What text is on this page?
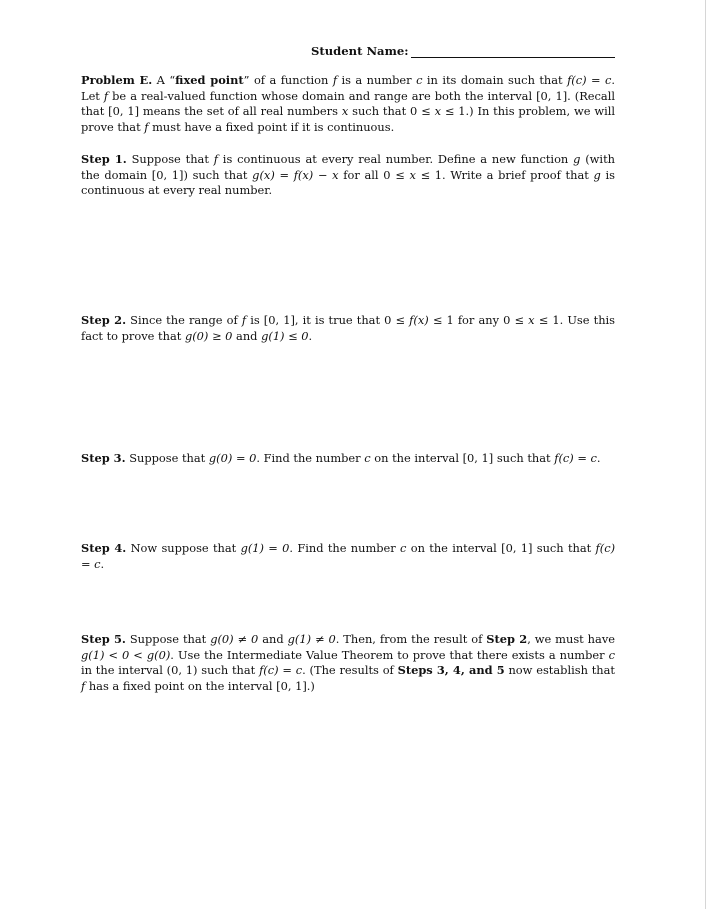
Student Name:

Problem E. A “fixed point” of a function f is a number c in its domain such that f(c) = c. Let f be a real-valued function whose domain and range are both the interval [0, 1]. (Recall that [0, 1] means the set of all real numbers x such that 0 ≤ x ≤ 1.) In this problem, we will prove that f must have a fixed point if it is continuous.

Step 1. Suppose that f is continuous at every real number. Define a new function g (with the domain [0, 1]) such that g(x) = f(x) − x for all 0 ≤ x ≤ 1. Write a brief proof that g is continuous at every real number.

Step 2. Since the range of f is [0, 1], it is true that 0 ≤ f(x) ≤ 1 for any 0 ≤ x ≤ 1. Use this fact to prove that g(0) ≥ 0 and g(1) ≤ 0.

Step 3. Suppose that g(0) = 0. Find the number c on the interval [0, 1] such that f(c) = c.

Step 4. Now suppose that g(1) = 0. Find the number c on the interval [0, 1] such that f(c) = c.

Step 5. Suppose that g(0) ≠ 0 and g(1) ≠ 0. Then, from the result of Step 2, we must have g(1) < 0 < g(0). Use the Intermediate Value Theorem to prove that there exists a number c in the interval (0, 1) such that f(c) = c. (The results of Steps 3, 4, and 5 now establish that f has a fixed point on the interval [0, 1].)
